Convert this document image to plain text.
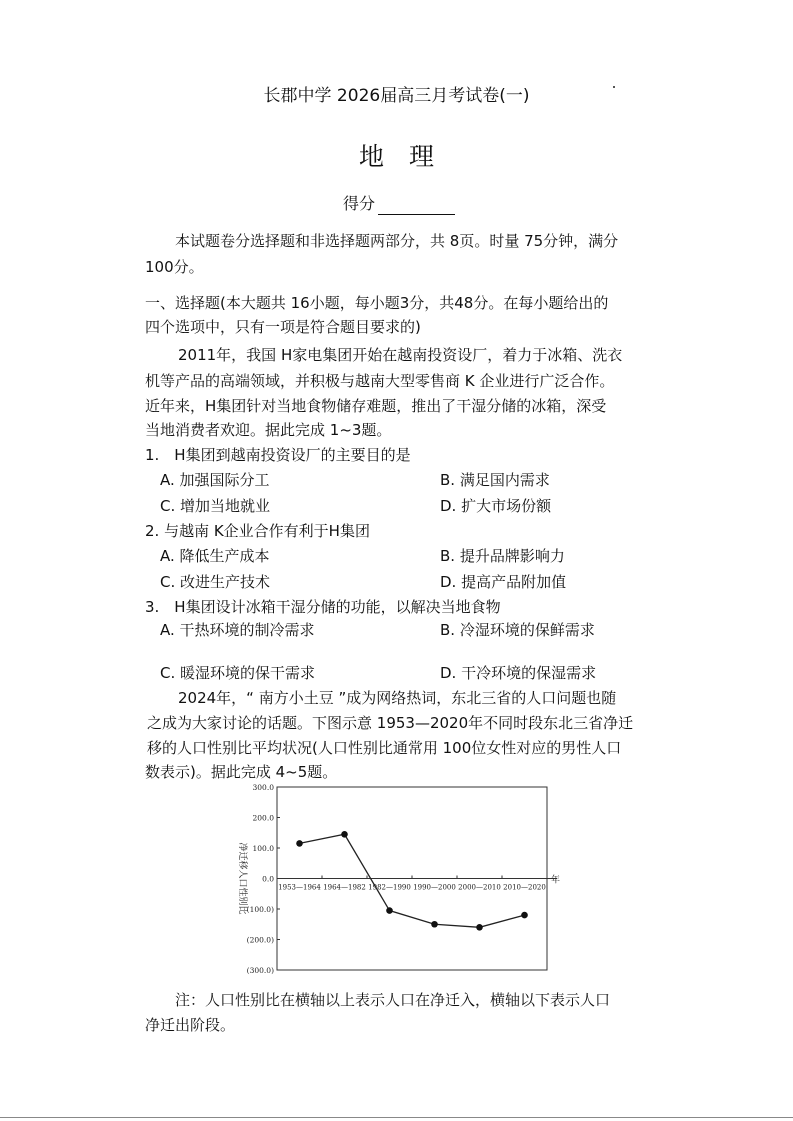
长郡中学 2026届高三月考试卷(一)
地　理
得分
本试题卷分选择题和非选择题两部分，共 8页。时量 75分钟，满分
100分。
一、选择题(本大题共 16小题，每小题3分，共48分。在每小题给出的
四个选项中，只有一项是符合题目要求的)
2011年，我国 H家电集团开始在越南投资设厂，着力于冰箱、洗衣
机等产品的高端领域，并积极与越南大型零售商 K 企业进行广泛合作。
近年来，H集团针对当地食物储存难题，推出了干湿分储的冰箱，深受
当地消费者欢迎。据此完成 1~3题。
1.　H集团到越南投资设厂的主要目的是
A. 加强国际分工	B. 满足国内需求
C. 增加当地就业	D. 扩大市场份额
2. 与越南 K企业合作有利于H集团
A. 降低生产成本	B. 提升品牌影响力
C. 改进生产技术	D. 提高产品附加值
3.　H集团设计冰箱干湿分储的功能，以解决当地食物
A. 干热环境的制冷需求	B. 冷湿环境的保鲜需求
C. 暖湿环境的保干需求	D. 干冷环境的保湿需求
2024年，“ 南方小土豆 ”成为网络热词，东北三省的人口问题也随
之成为大家讨论的话题。下图示意 1953—2020年不同时段东北三省净迁
移的人口性别比平均状况(人口性别比通常用 100位女性对应的男性人口
数表示)。据此完成 4~5题。
300.0
200.0
100.0
0.0
(100.0)
(200.0)
(300.0)
1953—1964 1964—1982 1982—1990 1990—2000 2000—2010 2010—2020
年
净迁移人口性别比
注：人口性别比在横轴以上表示人口在净迁入，横轴以下表示人口
净迁出阶段。
